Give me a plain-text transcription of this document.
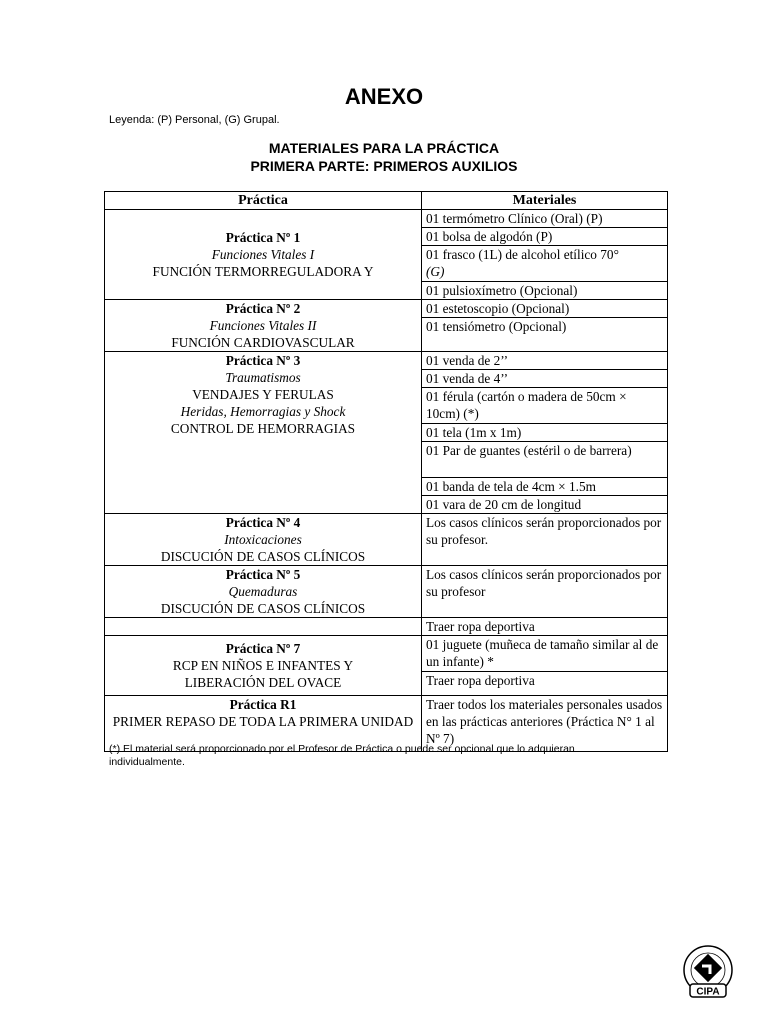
ANEXO
Leyenda: (P) Personal, (G) Grupal.
MATERIALES PARA LA PRÁCTICA
PRIMERA PARTE: PRIMEROS AUXILIOS
Práctica	Materiales

Práctica Nº 1
Funciones Vitales I
FUNCIÓN TERMORREGULADORA Y	01 termómetro Clínico (Oral) (P)
	01 bolsa de algodón (P)

	01 frasco (1L) de alcohol etílico 70°
(G)

	01 pulsioxímetro (Opcional)

Práctica Nº 2
Funciones Vitales II
FUNCIÓN CARDIOVASCULAR	01 estetoscopio (Opcional)
	01 tensiómetro (Opcional)

Práctica Nº 3
Traumatismos
VENDAJES Y FERULAS
Heridas, Hemorragias y Shock
CONTROL DE HEMORRAGIAS	01 venda de 2’’
	01 venda de 4’’
	01 férula (cartón o madera de 50cm × 10cm) (*)
	01 tela (1m x 1m)
	01 Par de guantes (estéril o de barrera)
	01 banda de tela de 4cm × 1.5m
	01 vara de 20 cm de longitud

Práctica Nº 4
Intoxicaciones
DISCUCIÓN DE CASOS CLÍNICOS	Los casos clínicos serán proporcionados por su profesor.

Práctica Nº 5
Quemaduras
DISCUCIÓN DE CASOS CLÍNICOS	Los casos clínicos serán proporcionados por su profesor
	Traer ropa deportiva

Práctica Nº 7
RCP EN NIÑOS E INFANTES Y
LIBERACIÓN DEL OVACE	01 juguete (muñeca de tamaño similar al de un infante) *
	Traer ropa deportiva

Práctica R1
PRIMER REPASO DE TODA LA PRIMERA UNIDAD	Traer todos los materiales personales usados en las prácticas anteriores (Práctica N° 1 al Nº 7)
(*) El material será proporcionado por el Profesor de Práctica o puede ser opcional que lo adquieran individualmente.
CIPA
